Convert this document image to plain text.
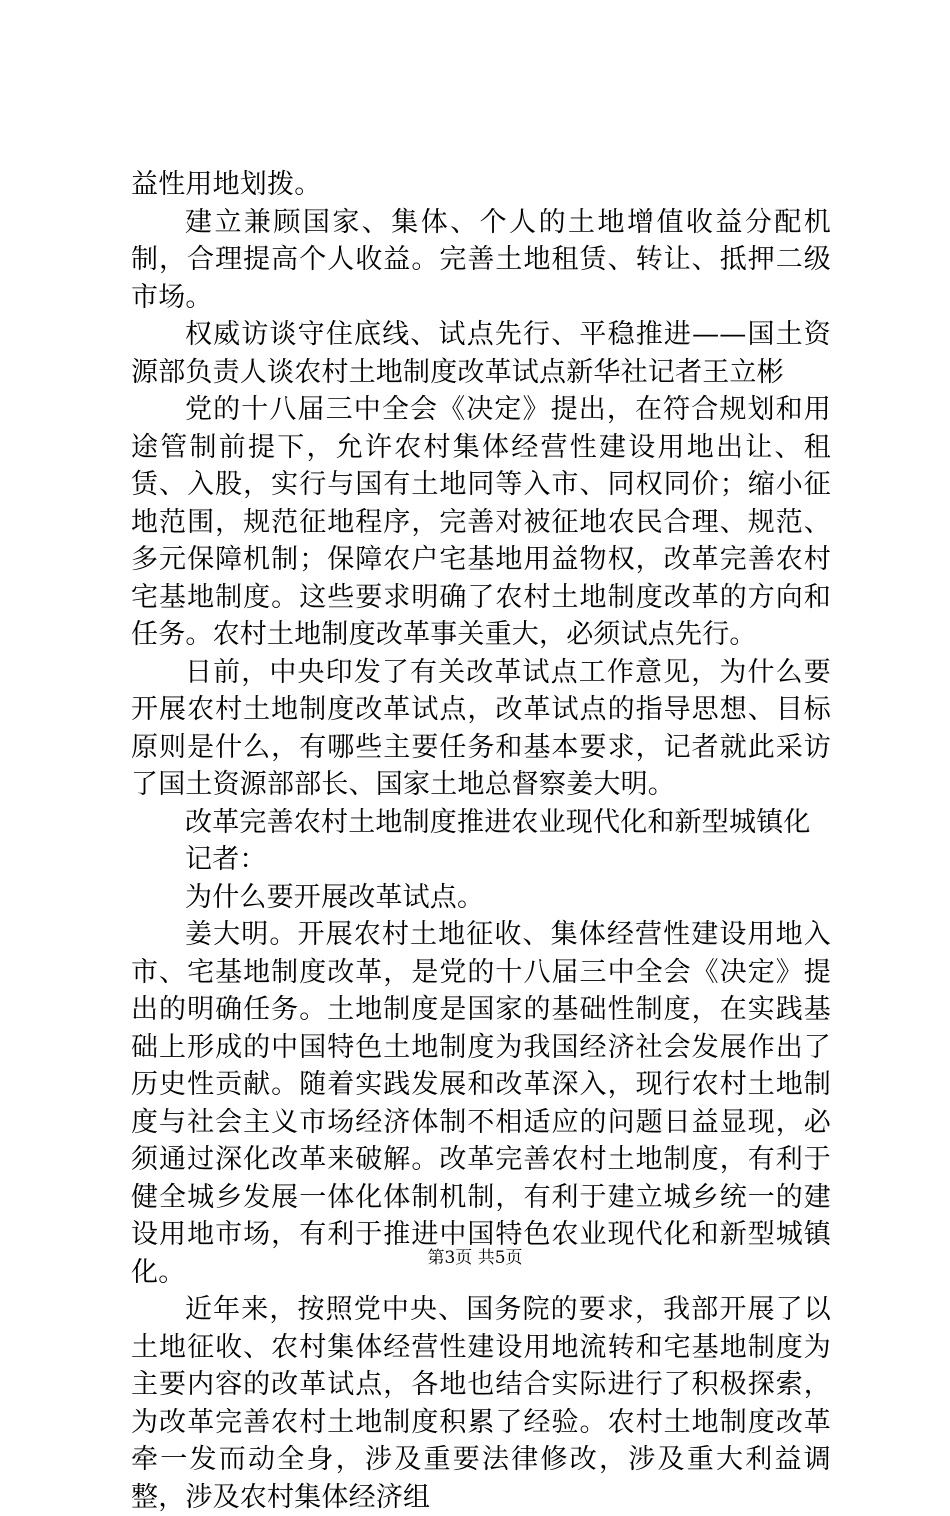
益性用地划拨。

建立兼顾国家、集体、个人的土地增值收益分配机制，合理提高个人收益。完善土地租赁、转让、抵押二级市场。

权威访谈守住底线、试点先行、平稳推进——国土资源部负责人谈农村土地制度改革试点新华社记者王立彬

党的十八届三中全会《决定》提出，在符合规划和用途管制前提下，允许农村集体经营性建设用地出让、租赁、入股，实行与国有土地同等入市、同权同价；缩小征地范围，规范征地程序，完善对被征地农民合理、规范、多元保障机制；保障农户宅基地用益物权，改革完善农村宅基地制度。这些要求明确了农村土地制度改革的方向和任务。农村土地制度改革事关重大，必须试点先行。

日前，中央印发了有关改革试点工作意见，为什么要开展农村土地制度改革试点，改革试点的指导思想、目标原则是什么，有哪些主要任务和基本要求，记者就此采访了国土资源部部长、国家土地总督察姜大明。

改革完善农村土地制度推进农业现代化和新型城镇化

记者：

为什么要开展改革试点。

姜大明。开展农村土地征收、集体经营性建设用地入市、宅基地制度改革，是党的十八届三中全会《决定》提出的明确任务。土地制度是国家的基础性制度，在实践基础上形成的中国特色土地制度为我国经济社会发展作出了历史性贡献。随着实践发展和改革深入，现行农村土地制度与社会主义市场经济体制不相适应的问题日益显现，必须通过深化改革来破解。改革完善农村土地制度，有利于健全城乡发展一体化体制机制，有利于建立城乡统一的建设用地市场，有利于推进中国特色农业现代化和新型城镇化。

近年来，按照党中央、国务院的要求，我部开展了以土地征收、农村集体经营性建设用地流转和宅基地制度为主要内容的改革试点，各地也结合实际进行了积极探索，为改革完善农村土地制度积累了经验。农村土地制度改革牵一发而动全身，涉及重要法律修改，涉及重大利益调整，涉及农村集体经济组

第3页 共5页
